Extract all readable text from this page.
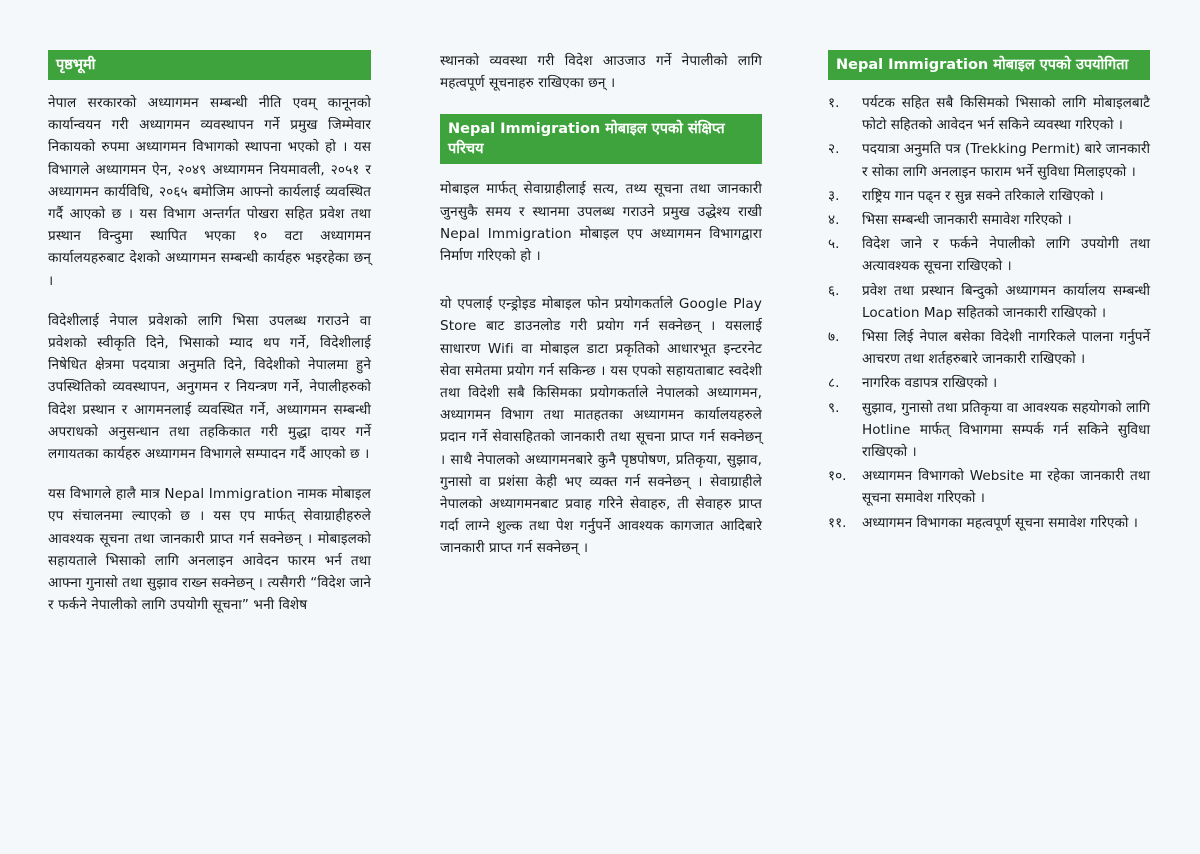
पृष्ठभूमी

नेपाल सरकारको अध्यागमन सम्बन्धी नीति एवम् कानूनको कार्यान्वयन गरी अध्यागमन व्यवस्थापन गर्ने प्रमुख जिम्मेवार निकायको रुपमा अध्यागमन विभागको स्थापना भएको हो । यस विभागले अध्यागमन ऐन, २०४९ अध्यागमन नियमावली, २०५१ र अध्यागमन कार्यविधि, २०६५ बमोजिम आफ्नो कार्यलाई व्यवस्थित गर्दै आएको छ । यस विभाग अन्तर्गत पोखरा सहित प्रवेश तथा प्रस्थान विन्दुमा स्थापित भएका १० वटा अध्यागमन कार्यालयहरुबाट देशको अध्यागमन सम्बन्धी कार्यहरु भइरहेका छन् ।

विदेशीलाई नेपाल प्रवेशको लागि भिसा उपलब्ध गराउने वा प्रवेशको स्वीकृति दिने, भिसाको म्याद थप गर्ने, विदेशीलाई निषेधित क्षेत्रमा पदयात्रा अनुमति दिने, विदेशीको नेपालमा हुने उपस्थितिको व्यवस्थापन, अनुगमन र नियन्त्रण गर्ने, नेपालीहरुको विदेश प्रस्थान र आगमनलाई व्यवस्थित गर्ने, अध्यागमन सम्बन्धी अपराधको अनुसन्धान तथा तहकिकात गरी मुद्धा दायर गर्ने लगायतका कार्यहरु अध्यागमन विभागले सम्पादन गर्दै आएको छ ।

यस विभागले हालै मात्र Nepal Immigration नामक मोबाइल एप संचालनमा ल्याएको छ । यस एप मार्फत् सेवाग्राहीहरुले आवश्यक सूचना तथा जानकारी प्राप्त गर्न सक्नेछन् । मोबाइलको सहायताले भिसाको लागि अनलाइन आवेदन फारम भर्न तथा आफ्ना गुनासो तथा सुझाव राख्न सक्नेछन् । त्यसैगरी “विदेश जाने र फर्कने नेपालीको लागि उपयोगी सूचना” भनी विशेष

स्थानको व्यवस्था गरी विदेश आउजाउ गर्ने नेपालीको लागि महत्वपूर्ण सूचनाहरु राखिएका छन् ।

Nepal Immigration मोबाइल एपको संक्षिप्त परिचय

मोबाइल मार्फत् सेवाग्राहीलाई सत्य, तथ्य सूचना तथा जानकारी जुनसुकै समय र स्थानमा उपलब्ध गराउने प्रमुख उद्धेश्य राखी Nepal Immigration मोबाइल एप अध्यागमन विभागद्वारा निर्माण गरिएको हो ।

यो एपलाई एन्ड्रोइड मोबाइल फोन प्रयोगकर्ताले Google Play Store बाट डाउनलोड गरी प्रयोग गर्न सक्नेछन् । यसलाई साधारण Wifi वा मोबाइल डाटा प्रकृतिको आधारभूत इन्टरनेट सेवा समेतमा प्रयोग गर्न सकिन्छ । यस एपको सहायताबाट स्वदेशी तथा विदेशी सबै किसिमका प्रयोगकर्ताले नेपालको अध्यागमन, अध्यागमन विभाग तथा मातहतका अध्यागमन कार्यालयहरुले प्रदान गर्ने सेवासहितको जानकारी तथा सूचना प्राप्त गर्न सक्नेछन् । साथै नेपालको अध्यागमनबारे कुनै पृष्ठपोषण, प्रतिकृया, सुझाव, गुनासो वा प्रशंसा केही भए व्यक्त गर्न सक्नेछन् । सेवाग्राहीले नेपालको अध्यागमनबाट प्रवाह गरिने सेवाहरु, ती सेवाहरु प्राप्त गर्दा लाग्ने शुल्क तथा पेश गर्नुपर्ने आवश्यक कागजात आदिबारे जानकारी प्राप्त गर्न सक्नेछन् ।

Nepal Immigration मोबाइल एपको उपयोगिता
१.	पर्यटक सहित सबै किसिमको भिसाको लागि मोबाइलबाटै फोटो सहितको आवेदन भर्न सकिने व्यवस्था गरिएको ।
२.	पदयात्रा अनुमति पत्र (Trekking Permit) बारे जानकारी र सोका लागि अनलाइन फाराम भर्ने सुविधा मिलाइएको ।
३.	राष्ट्रिय गान पढ्न र सुन्न सक्ने तरिकाले राखिएको ।
४.	भिसा सम्बन्धी जानकारी समावेश गरिएको ।
५.	विदेश जाने र फर्कने नेपालीको लागि उपयोगी तथा अत्यावश्यक सूचना राखिएको ।
६.	प्रवेश तथा प्रस्थान बिन्दुको अध्यागमन कार्यालय सम्बन्धी Location Map सहितको जानकारी राखिएको ।
७.	भिसा लिई नेपाल बसेका विदेशी नागरिकले पालना गर्नुपर्ने आचरण तथा शर्तहरुबारे जानकारी राखिएको ।
८.	नागरिक वडापत्र राखिएको ।
९.	सुझाव, गुनासो तथा प्रतिकृया वा आवश्यक सहयोगको लागि Hotline मार्फत् विभागमा सम्पर्क गर्न सकिने सुविधा राखिएको ।
१०.	अध्यागमन विभागको Website मा रहेका जानकारी तथा सूचना समावेश गरिएको ।
११.	अध्यागमन विभागका महत्वपूर्ण सूचना समावेश गरिएको ।
